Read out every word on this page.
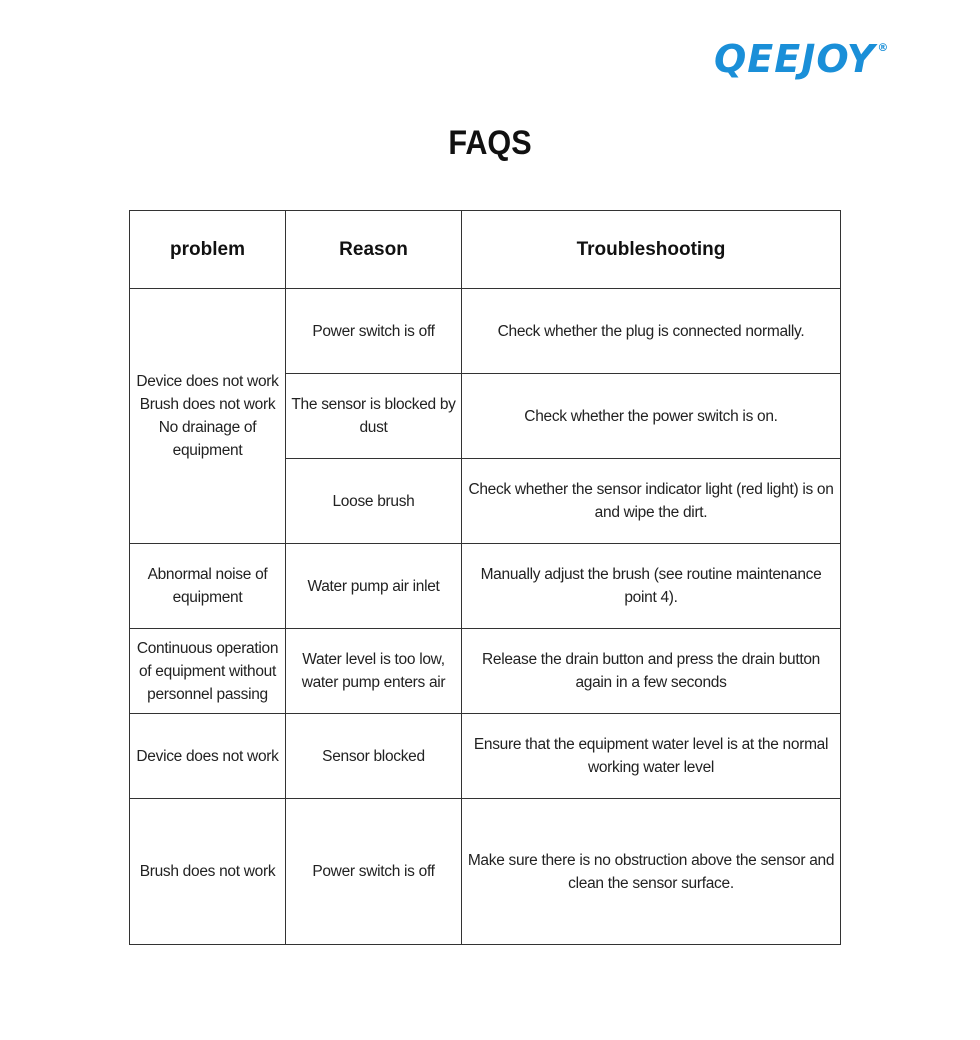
QEEJOY ®
FAQS
problem	Reason	Troubleshooting

Device does not work
Brush does not work
No drainage of
equipment	Power switch is off	Check whether the plug is connected normally.
	The sensor is blocked by dust	Check whether the power switch is on.
	Loose brush	Check whether the sensor indicator light (red light) is on and wipe the dirt.
Abnormal noise of equipment	Water pump air inlet	Manually adjust the brush (see routine maintenance point 4).
Continuous operation of equipment without personnel passing	Water level is too low, water pump enters air	Release the drain button and press the drain button again in a few seconds
Device does not work	Sensor blocked	Ensure that the equipment water level is at the normal working water level
Brush does not work	Power switch is off	Make sure there is no obstruction above the sensor and clean the sensor surface.
